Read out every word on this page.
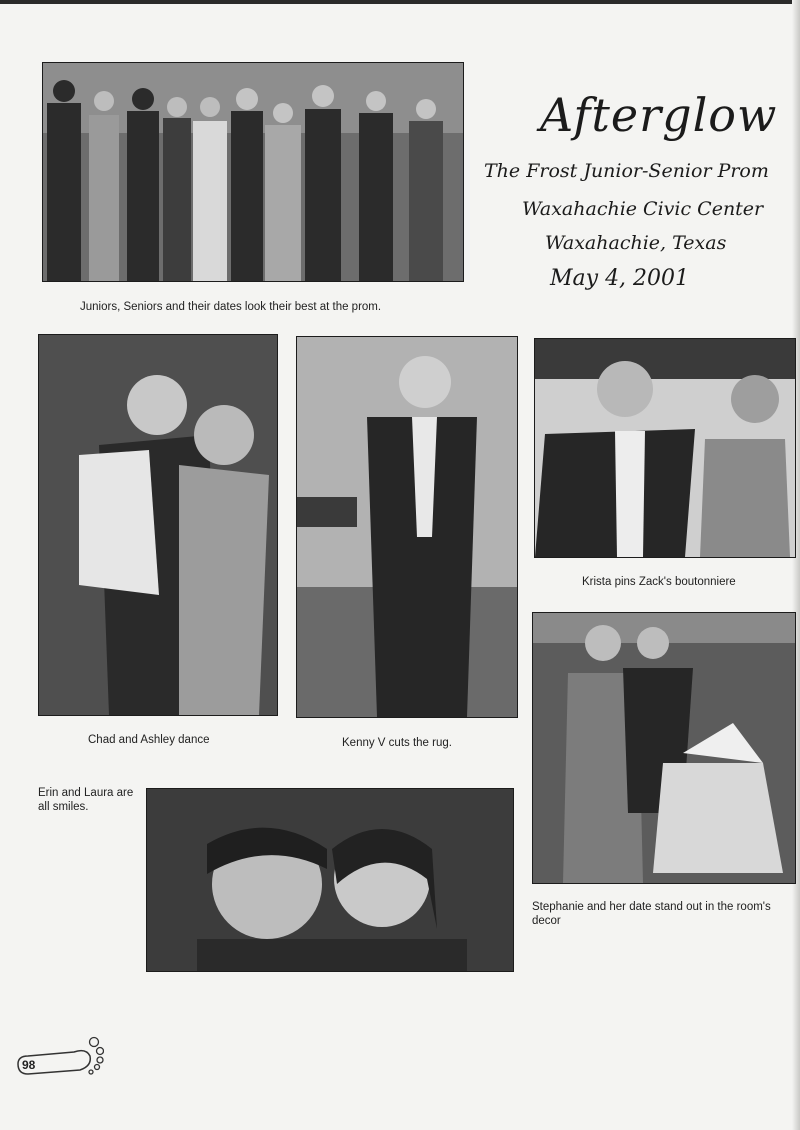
Juniors, Seniors and their dates look their best at the prom.
Afterglow
The Frost Junior-Senior Prom
Waxahachie Civic Center
Waxahachie, Texas
May 4, 2001
Chad and Ashley dance	Kenny V cuts the rug.
Krista pins Zack's boutonniere
Stephanie and her date stand out in the room's decor
Erin and Laura are all smiles.
98
